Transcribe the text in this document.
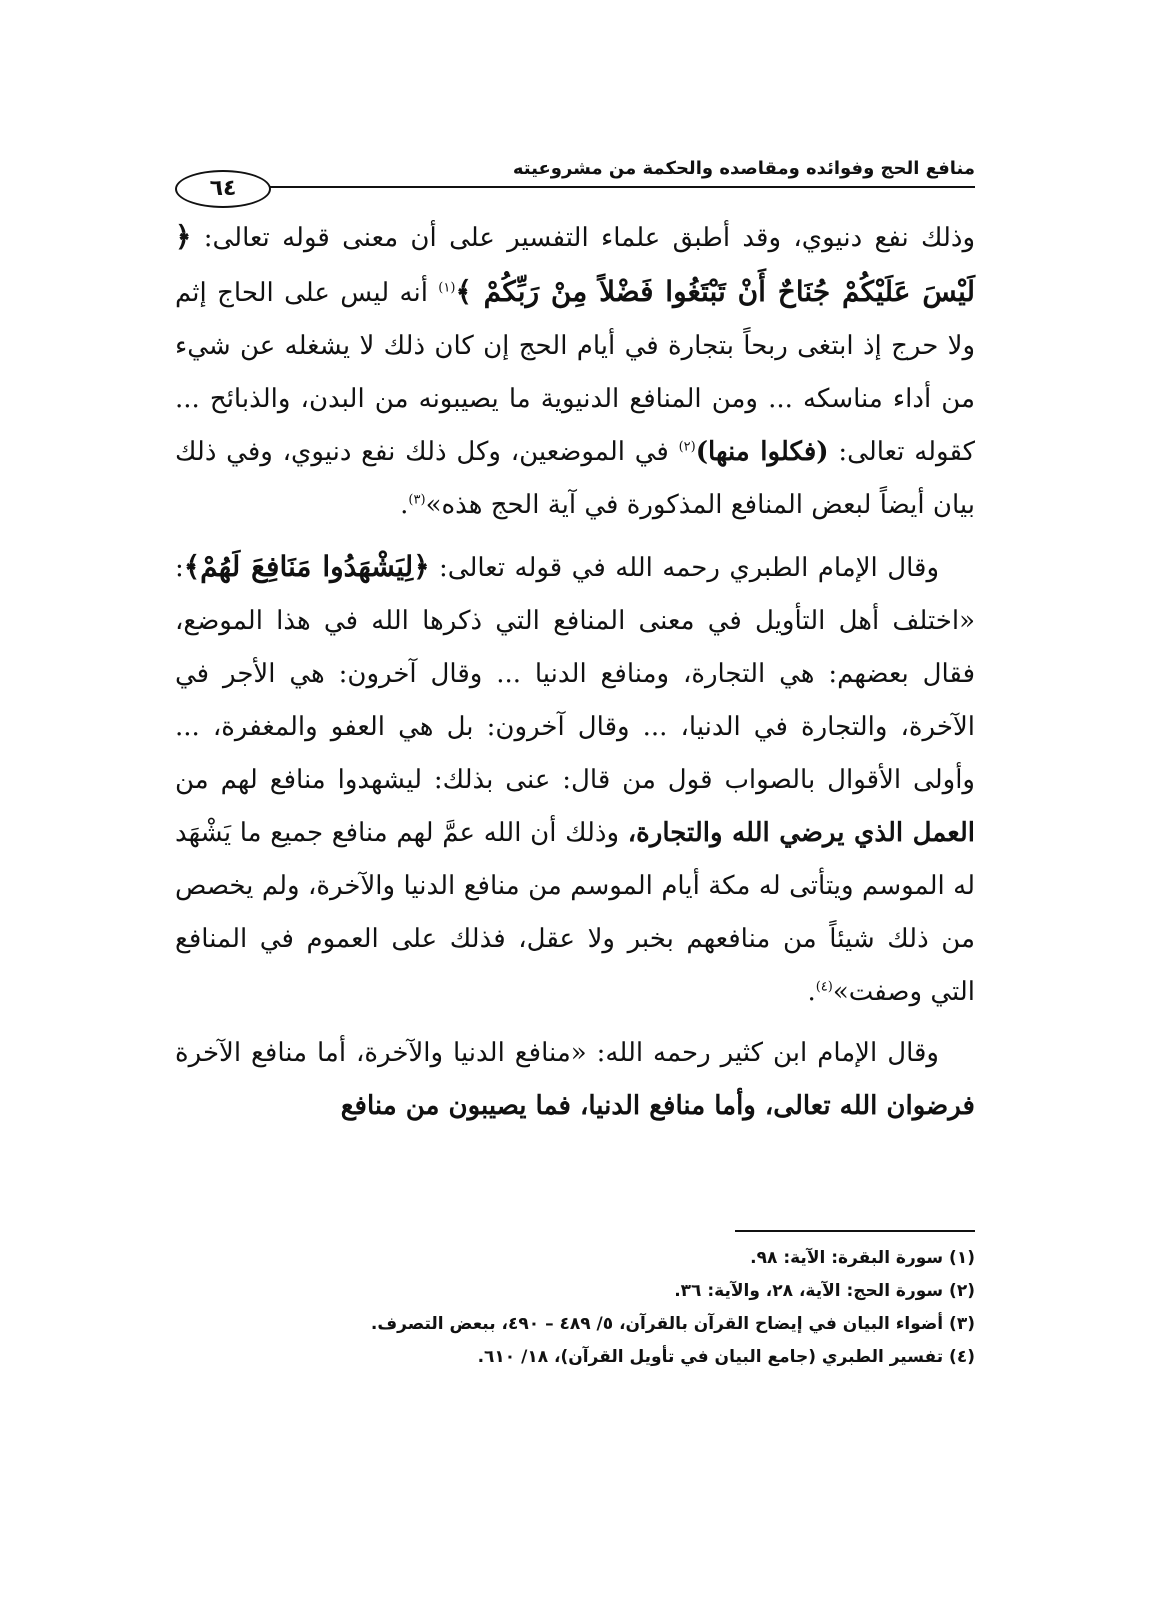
منافع الحج وفوائده ومقاصده والحكمة من مشروعيته
٦٤

وذلك نفع دنيوي، وقد أطبق علماء التفسير على أن معنى قوله تعالى: ﴿ لَيْسَ عَلَيْكُمْ جُنَاحٌ أَنْ تَبْتَغُوا فَضْلاً مِنْ رَبِّكُمْ ﴾$^{(١)}$ أنه ليس على الحاج إثم ولا حرج إذ ابتغى ربحاً بتجارة في أيام الحج إن كان ذلك لا يشغله عن شيء من أداء مناسكه ... ومن المنافع الدنيوية ما يصيبونه من البدن، والذبائح ... كقوله تعالى: (فكلوا منها)$^{(٢)}$ في الموضعين، وكل ذلك نفع دنيوي، وفي ذلك بيان أيضاً لبعض المنافع المذكورة في آية الحج هذه»$^{(٣)}$.

وقال الإمام الطبري رحمه الله في قوله تعالى: ﴿لِيَشْهَدُوا مَنَافِعَ لَهُمْ﴾: «اختلف أهل التأويل في معنى المنافع التي ذكرها الله في هذا الموضع، فقال بعضهم: هي التجارة، ومنافع الدنيا ... وقال آخرون: هي الأجر في الآخرة، والتجارة في الدنيا، ... وقال آخرون: بل هي العفو والمغفرة، ... وأولى الأقوال بالصواب قول من قال: عنى بذلك: ليشهدوا منافع لهم من العمل الذي يرضي الله والتجارة، وذلك أن الله عمَّ لهم منافع جميع ما يَشْهَد له الموسم ويتأتى له مكة أيام الموسم من منافع الدنيا والآخرة، ولم يخصص من ذلك شيئاً من منافعهم بخبر ولا عقل، فذلك على العموم في المنافع التي وصفت»$^{(٤)}$.

وقال الإمام ابن كثير رحمه الله: «منافع الدنيا والآخرة، أما منافع الآخرة فرضوان الله تعالى، وأما منافع الدنيا، فما يصيبون من منافع

(١) سورة البقرة: الآية: ٩٨.
(٢) سورة الحج: الآية، ٢٨، والآية: ٣٦.
(٣) أضواء البيان في إيضاح القرآن بالقرآن، ٥/ ٤٨٩ – ٤٩٠، ببعض التصرف.
(٤) تفسير الطبري (جامع البيان في تأويل القرآن)، ١٨/ ٦١٠.
